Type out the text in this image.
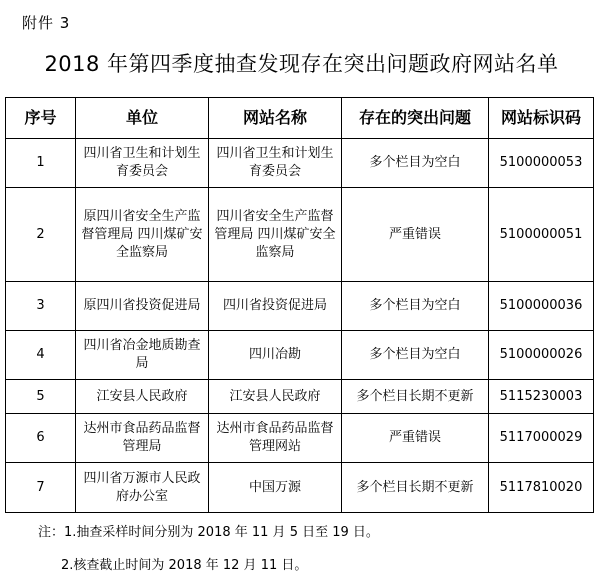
附件 3
2018 年第四季度抽查发现存在突出问题政府网站名单
序号	单位	网站名称	存在的突出问题	网站标识码
1	四川省卫生和计划生育委员会	四川省卫生和计划生育委员会	多个栏目为空白	5100000053
2	原四川省安全生产监督管理局 四川煤矿安全监察局	四川省安全生产监督管理局 四川煤矿安全监察局	严重错误	5100000051
3	原四川省投资促进局	四川省投资促进局	多个栏目为空白	5100000036
4	四川省冶金地质勘查局	四川冶勘	多个栏目为空白	5100000026
5	江安县人民政府	江安县人民政府	多个栏目长期不更新	5115230003
6	达州市食品药品监督管理局	达州市食品药品监督管理网站	严重错误	5117000029
7	四川省万源市人民政府办公室	中国万源	多个栏目长期不更新	5117810020
注：1.抽查采样时间分别为 2018 年 11 月 5 日至 19 日。
2.核查截止时间为 2018 年 12 月 11 日。
